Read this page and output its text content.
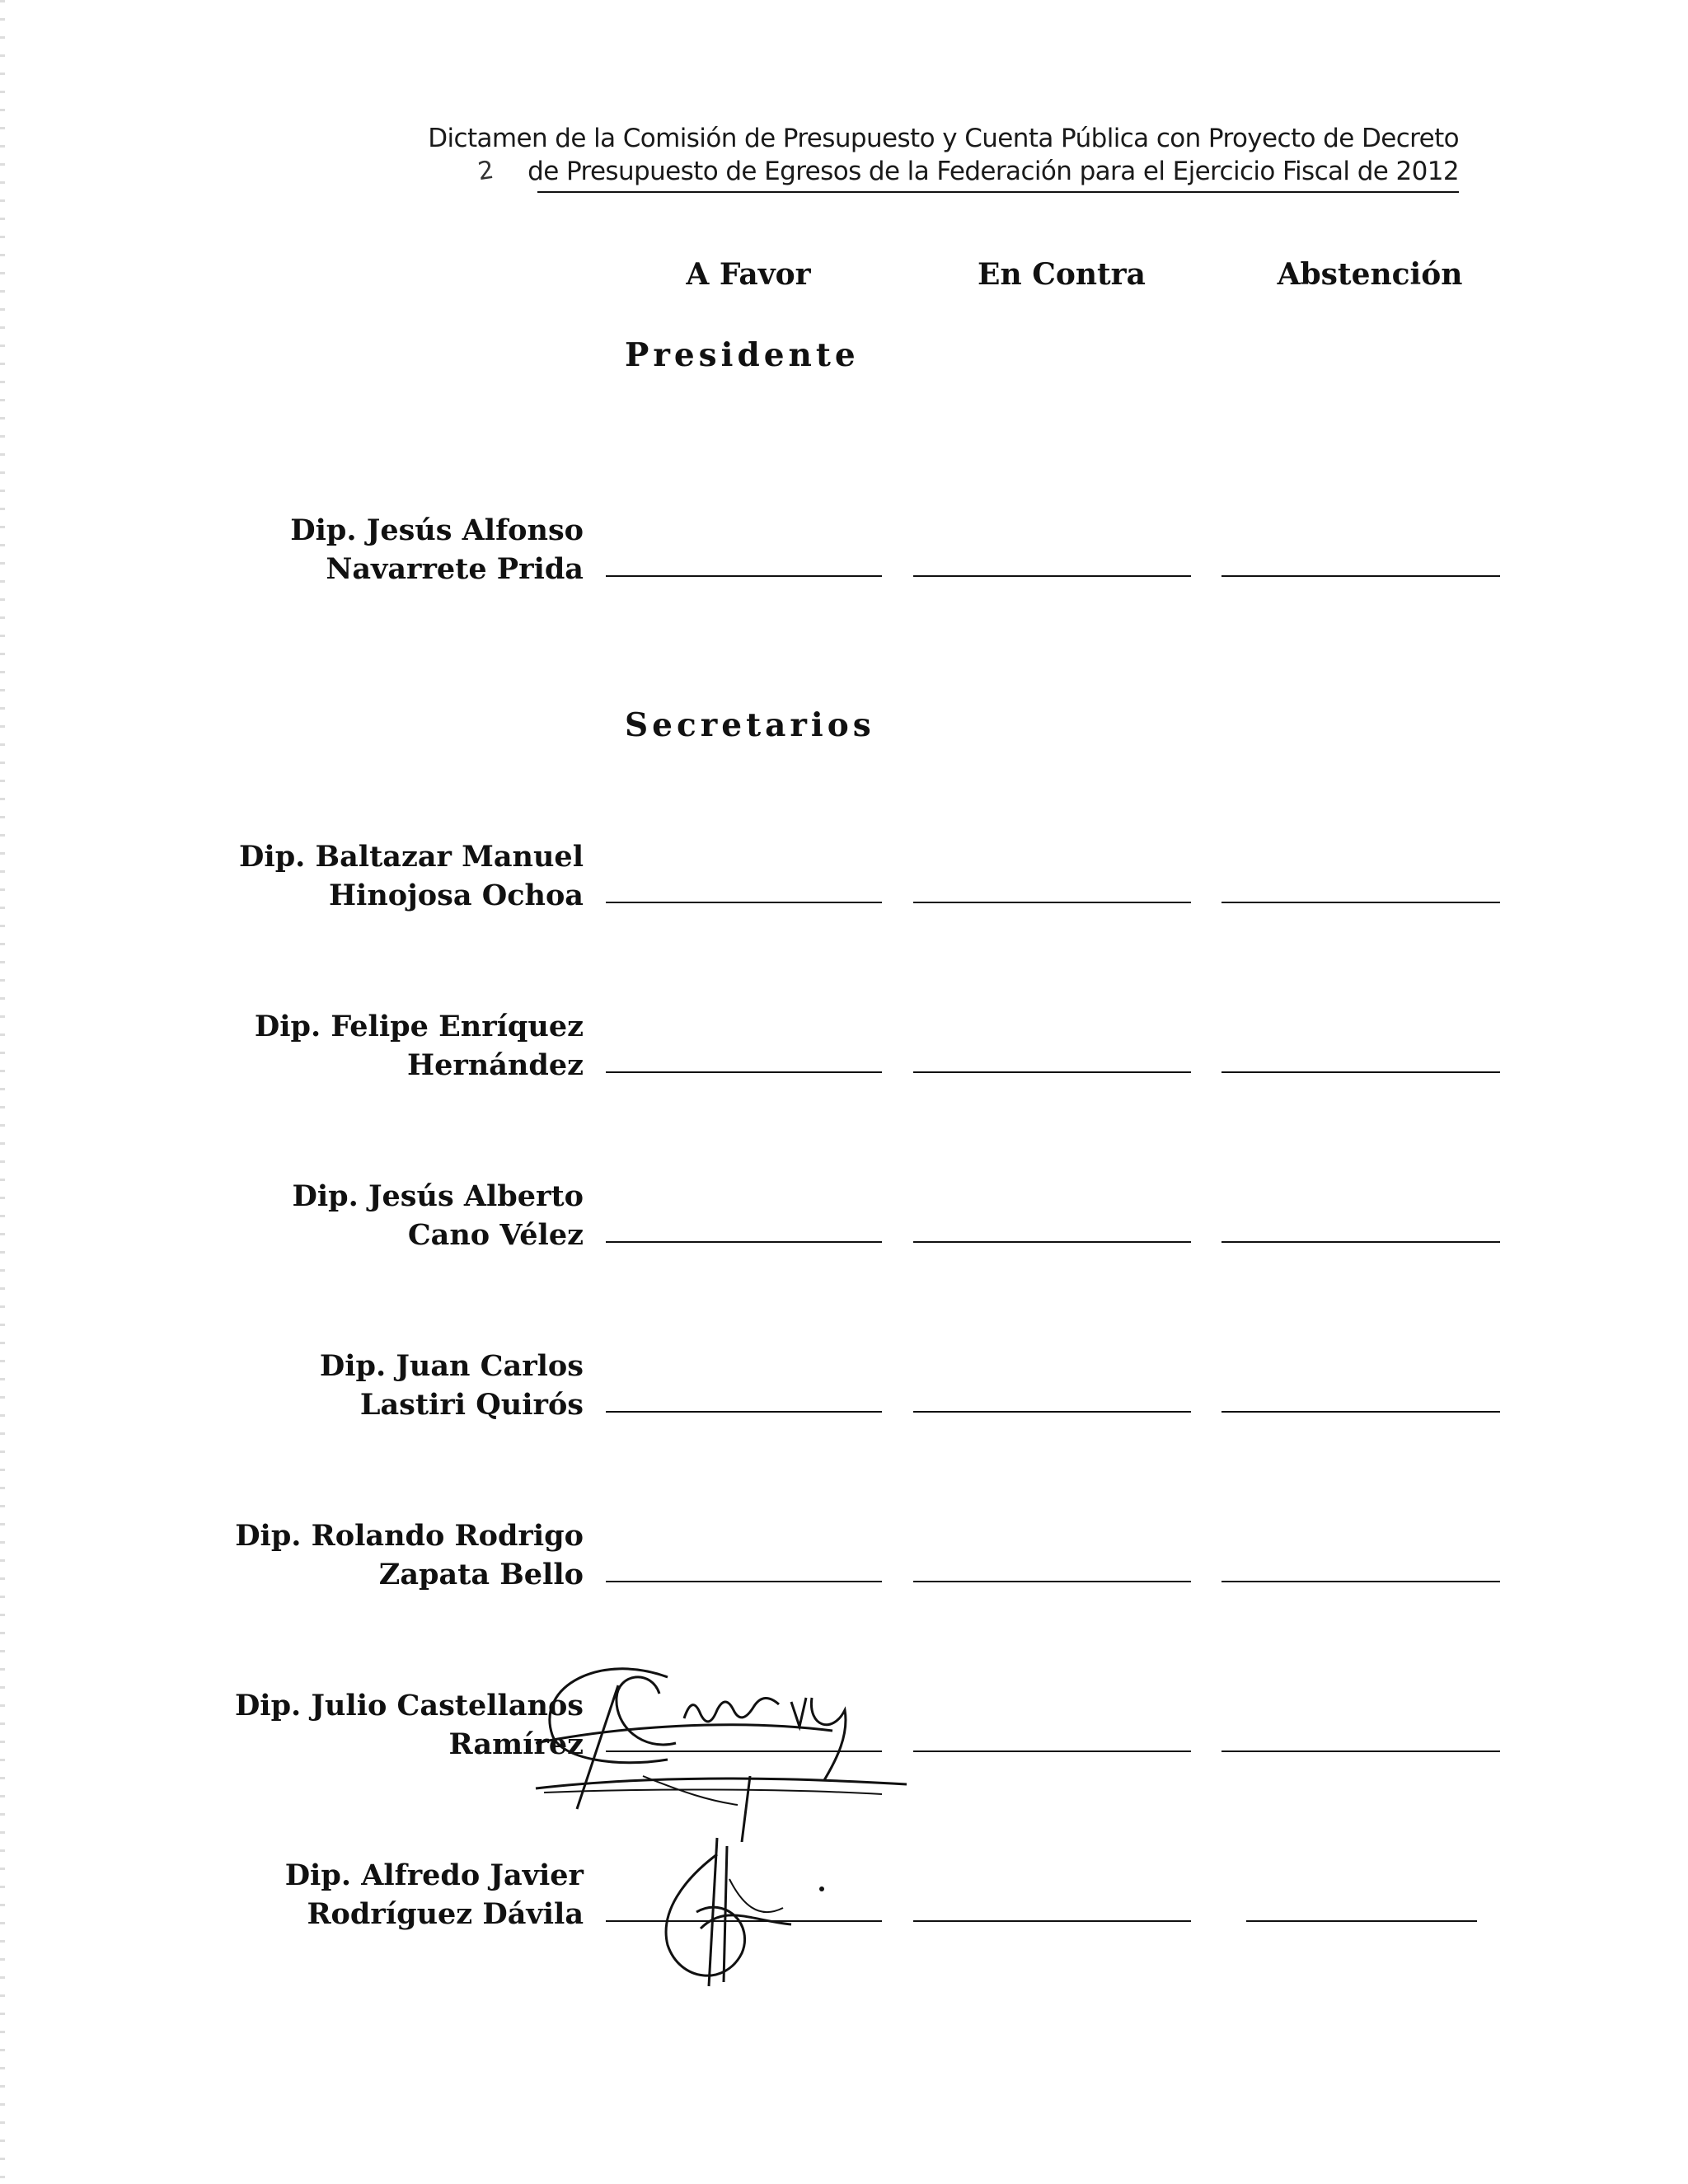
Dictamen de la Comisión de Presupuesto y Cuenta Pública con Proyecto de Decreto
de Presupuesto de Egresos de la Federación para el Ejercicio Fiscal de 2012
2
A Favor	En Contra	Abstención
Presidente
Secretarios
Dip. Jesús Alfonso
Navarrete Prida
Dip. Baltazar Manuel
Hinojosa Ochoa
Dip. Felipe Enríquez
Hernández
Dip. Jesús Alberto
Cano Vélez
Dip. Juan Carlos
Lastiri Quirós
Dip. Rolando Rodrigo
Zapata Bello
Dip. Julio Castellanos
Ramírez
Dip. Alfredo Javier
Rodríguez Dávila
